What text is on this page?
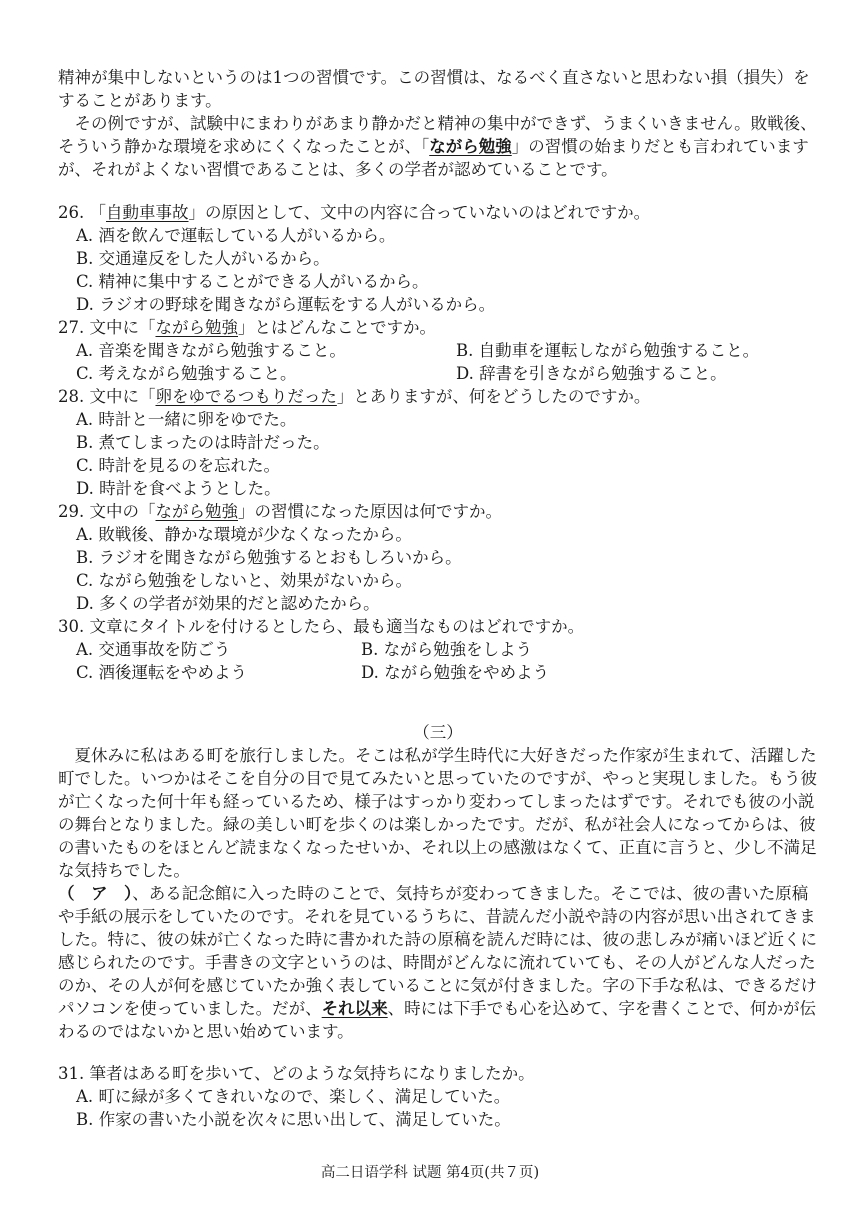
精神が集中しないというのは1つの習慣です。この習慣は、なるべく直さないと思わない損（損失）をすることがあります。

その例ですが、試験中にまわりがあまり静かだと精神の集中ができず、うまくいきません。敗戦後、そういう静かな環境を求めにくくなったことが、「ながら勉強」の習慣の始まりだとも言われていますが、それがよくない習慣であることは、多くの学者が認めていることです。

26. 「自動車事故」の原因として、文中の内容に合っていないのはどれですか。

A. 酒を飲んで運転している人がいるから。

B. 交通違反をした人がいるから。

C. 精神に集中することができる人がいるから。

D. ラジオの野球を聞きながら運転をする人がいるから。

27. 文中に「ながら勉強」とはどんなことですか。

A. 音楽を聞きながら勉強すること。	B. 自動車を運転しながら勉強すること。
C. 考えながら勉強すること。	D. 辞書を引きながら勉強すること。

28. 文中に「卵をゆでるつもりだった」とありますが、何をどうしたのですか。

A. 時計と一緒に卵をゆでた。

B. 煮てしまったのは時計だった。

C. 時計を見るのを忘れた。

D. 時計を食べようとした。

29. 文中の「ながら勉強」の習慣になった原因は何ですか。

A. 敗戦後、静かな環境が少なくなったから。

B. ラジオを聞きながら勉強するとおもしろいから。

C. ながら勉強をしないと、効果がないから。

D. 多くの学者が効果的だと認めたから。

30. 文章にタイトルを付けるとしたら、最も適当なものはどれですか。

A. 交通事故を防ごう	B. ながら勉強をしよう
C. 酒後運転をやめよう	D. ながら勉強をやめよう

（三）

夏休みに私はある町を旅行しました。そこは私が学生時代に大好きだった作家が生まれて、活躍した町でした。いつかはそこを自分の目で見てみたいと思っていたのですが、やっと実現しました。もう彼が亡くなった何十年も経っているため、様子はすっかり変わってしまったはずです。それでも彼の小説の舞台となりました。緑の美しい町を歩くのは楽しかったです。だが、私が社会人になってからは、彼の書いたものをほとんど読まなくなったせいか、それ以上の感激はなくて、正直に言うと、少し不満足な気持ちでした。

（　ア　）、ある記念館に入った時のことで、気持ちが変わってきました。そこでは、彼の書いた原稿や手紙の展示をしていたのです。それを見ているうちに、昔読んだ小説や詩の内容が思い出されてきました。特に、彼の妹が亡くなった時に書かれた詩の原稿を読んだ時には、彼の悲しみが痛いほど近くに感じられたのです。手書きの文字というのは、時間がどんなに流れていても、その人がどんな人だったのか、その人が何を感じていたか強く表していることに気が付きました。字の下手な私は、できるだけパソコンを使っていました。だが、それ以来、時には下手でも心を込めて、字を書くことで、何かが伝わるのではないかと思い始めています。

31. 筆者はある町を歩いて、どのような気持ちになりましたか。

A. 町に緑が多くてきれいなので、楽しく、満足していた。

B. 作家の書いた小説を次々に思い出して、満足していた。

高二日语学科 试题 第4页(共７页)
